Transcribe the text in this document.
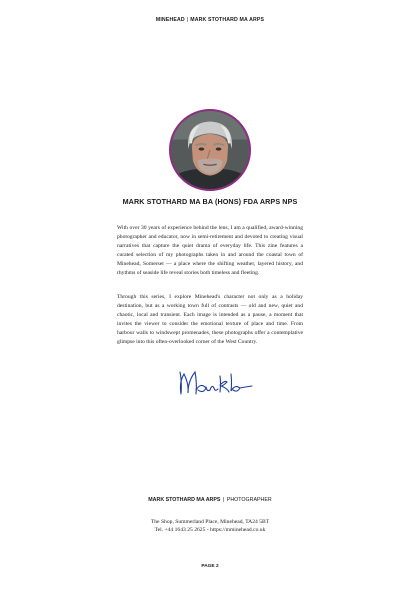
MINEHEAD | MARK STOTHARD MA ARPS
MARK STOTHARD MA BA (HONS) FDA ARPS NPS

With over 30 years of experience behind the lens, I am a qualified, award-winning photographer and educator, now in semi-retirement and devoted to creating visual narratives that capture the quiet drama of everyday life. This zine features a curated selection of my photographs taken in and around the coastal town of Minehead, Somerset — a place where the shifting weather, layered history, and rhythms of seaside life reveal stories both timeless and fleeting.

Through this series, I explore Minehead's character not only as a holiday destination, but as a working town full of contrasts — old and new, quiet and chaotic, local and transient. Each image is intended as a pause, a moment that invites the viewer to consider the emotional texture of place and time. From harbour walls to windswept promenades, these photographs offer a contemplative glimpse into this often-overlooked corner of the West Country.

MARK STOTHARD MA ARPS | PHOTOGRAPHER
The Shop, Summerland Place, Minehead, TA24 5BT
Tel. +44 1643 25 2625 - https://mminehead.co.uk
PAGE 2
